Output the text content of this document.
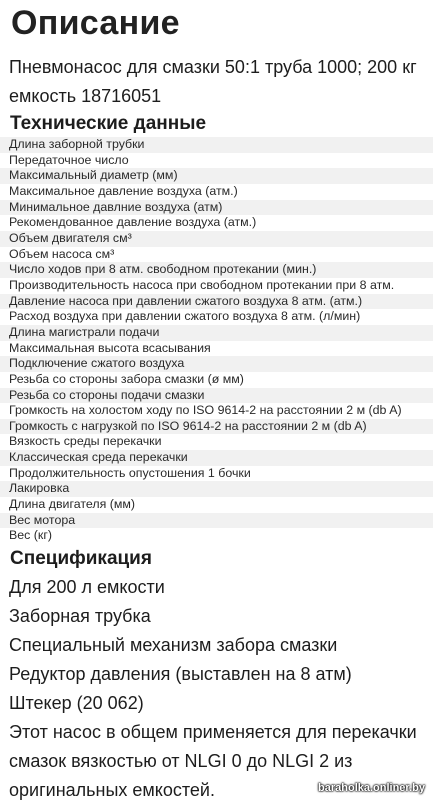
Описание

Пневмонасос для смазки 50:1 труба 1000; 200 кг емкость 18716051

Технические данные
Длина заборной трубки
Передаточное число
Максимальный диаметр (мм)
Максимальное давление воздуха (атм.)
Минимальное давлние воздуха (атм)
Рекомендованное давление воздуха (атм.)
Объем двигателя см³
Объем насоса см³
Число ходов при 8 атм. свободном протекании (мин.)
Производительность насоса при свободном протекании при 8 атм.
Давление насоса при давлении сжатого воздуха 8 атм. (атм.)
Расход воздуха при давлении сжатого воздуха 8 атм. (л/мин)
Длина магистрали подачи
Максимальная высота всасывания
Подключение сжатого воздуха
Резьба со стороны забора смазки (ø мм)
Резьба со стороны подачи смазки
Громкость на холостом ходу по ISO 9614-2 на расстоянии 2 м (db A)
Громкость с нагрузкой по ISO 9614-2 на расстоянии 2 м (db A)
Вязкость среды перекачки
Классическая среда перекачки
Продолжительность опустошения 1 бочки
Лакировка
Длина двигателя (мм)
Вес мотора
Вес (кг)
Спецификация
Для 200 л емкости
Заборная трубка
Специальный механизм забора смазки
Редуктор давления (выставлен на 8 атм)
Штекер (20 062)
Этот насос в общем применяется для перекачки смазок вязкостью от NLGI 0 до NLGI 2 из оригинальных емкостей.	baraholka.onliner.by
